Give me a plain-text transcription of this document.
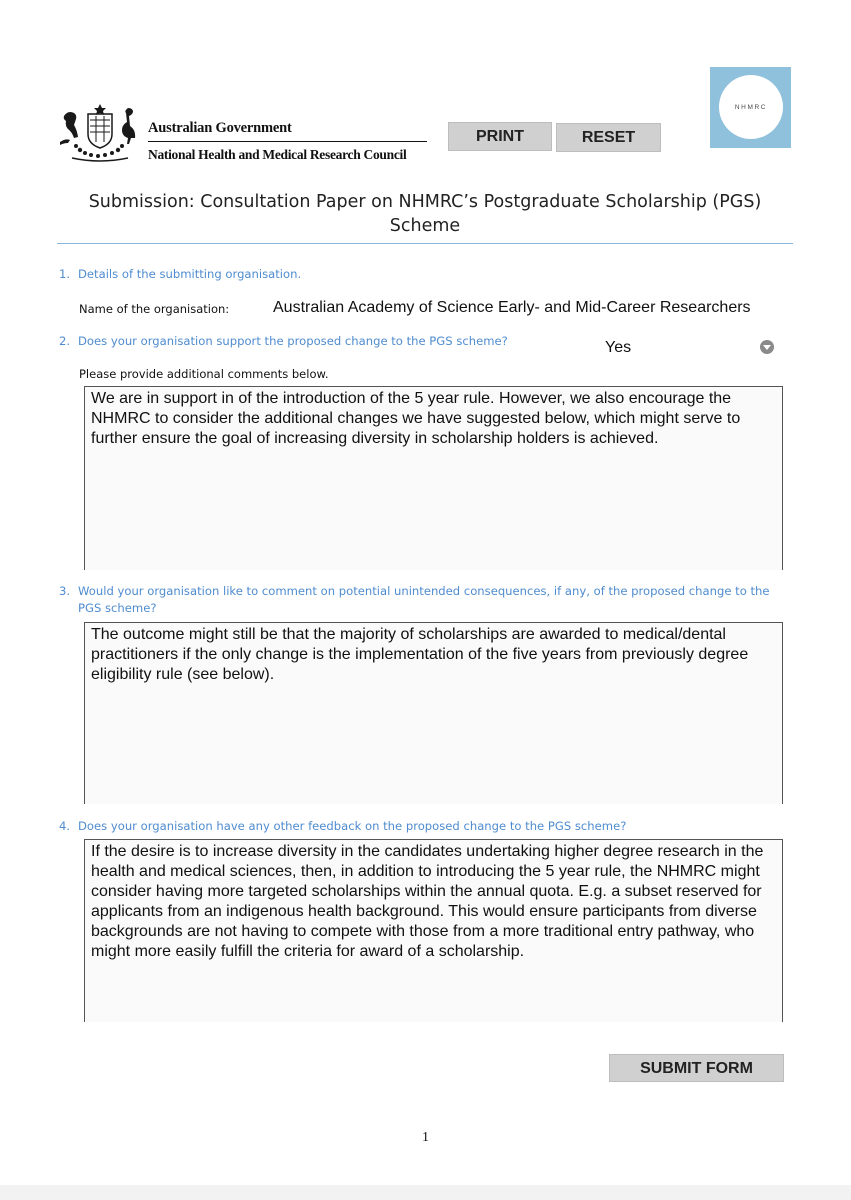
Australian Government
National Health and Medical Research Council
PRINT	RESET
NHMRC
Submission: Consultation Paper on NHMRC’s Postgraduate Scholarship (PGS) Scheme
1. Details of the submitting organisation.
Name of the organisation:	Australian Academy of Science Early- and Mid-Career Researchers
2. Does your organisation support the proposed change to the PGS scheme?	Yes
Please provide additional comments below.
We are in support in of the introduction of the 5 year rule. However, we also encourage the NHMRC to consider the additional changes we have suggested below, which might serve to further ensure the goal of increasing diversity in scholarship holders is achieved.
3. Would your organisation like to comment on potential unintended consequences, if any, of the proposed change to the PGS scheme?
The outcome might still be that the majority of scholarships are awarded to medical/dental practitioners if the only change is the implementation of the five years from previously degree eligibility rule (see below).
4. Does your organisation have any other feedback on the proposed change to the PGS scheme?
If the desire is to increase diversity in the candidates undertaking higher degree research in the health and medical sciences, then, in addition to introducing the 5 year rule, the NHMRC might consider having more targeted scholarships within the annual quota. E.g. a subset reserved for applicants from an indigenous health background. This would ensure participants from diverse backgrounds are not having to compete with those from a more traditional entry pathway, who might more easily fulfill the criteria for award of a scholarship.
SUBMIT FORM
1
